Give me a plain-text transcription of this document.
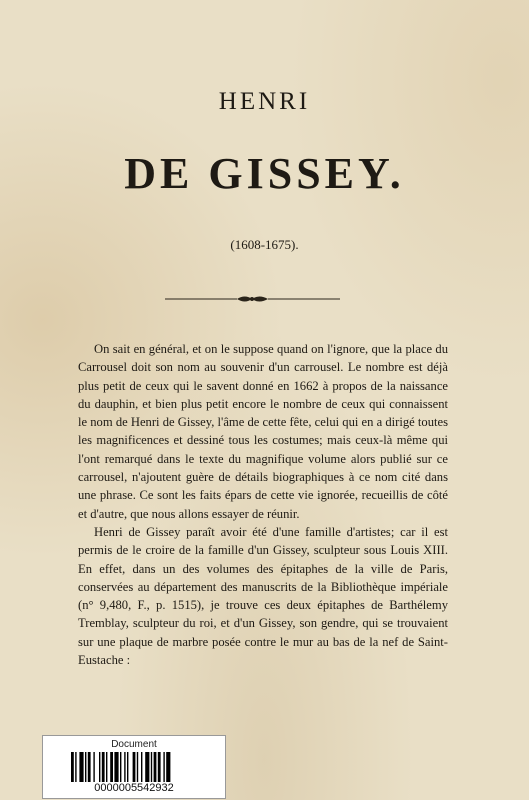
HENRI
DE GISSEY.
(1608-1675).

On sait en général, et on le suppose quand on l'ignore, que la place du Carrousel doit son nom au souvenir d'un carrousel. Le nombre est déjà plus petit de ceux qui le savent donné en 1662 à propos de la naissance du dauphin, et bien plus petit encore le nombre de ceux qui connaissent le nom de Henri de Gissey, l'âme de cette fête, celui qui en a dirigé toutes les magnificences et dessiné tous les costumes; mais ceux-là même qui l'ont remarqué dans le texte du magnifique volume alors publié sur ce carrousel, n'ajoutent guère de détails biographiques à ce nom cité dans une phrase. Ce sont les faits épars de cette vie ignorée, recueillis de côté et d'autre, que nous allons essayer de réunir.

Henri de Gissey paraît avoir été d'une famille d'artistes; car il est permis de le croire de la famille d'un Gissey, sculpteur sous Louis XIII. En effet, dans un des volumes des épitaphes de la ville de Paris, conservées au département des manuscrits de la Bibliothèque impériale (n° 9,480, F., p. 1515), je trouve ces deux épitaphes de Barthélemy Tremblay, sculpteur du roi, et d'un Gissey, son gendre, qui se trouvaient sur une plaque de marbre posée contre le mur au bas de la nef de Saint-Eustache :

Document
0000005542932
